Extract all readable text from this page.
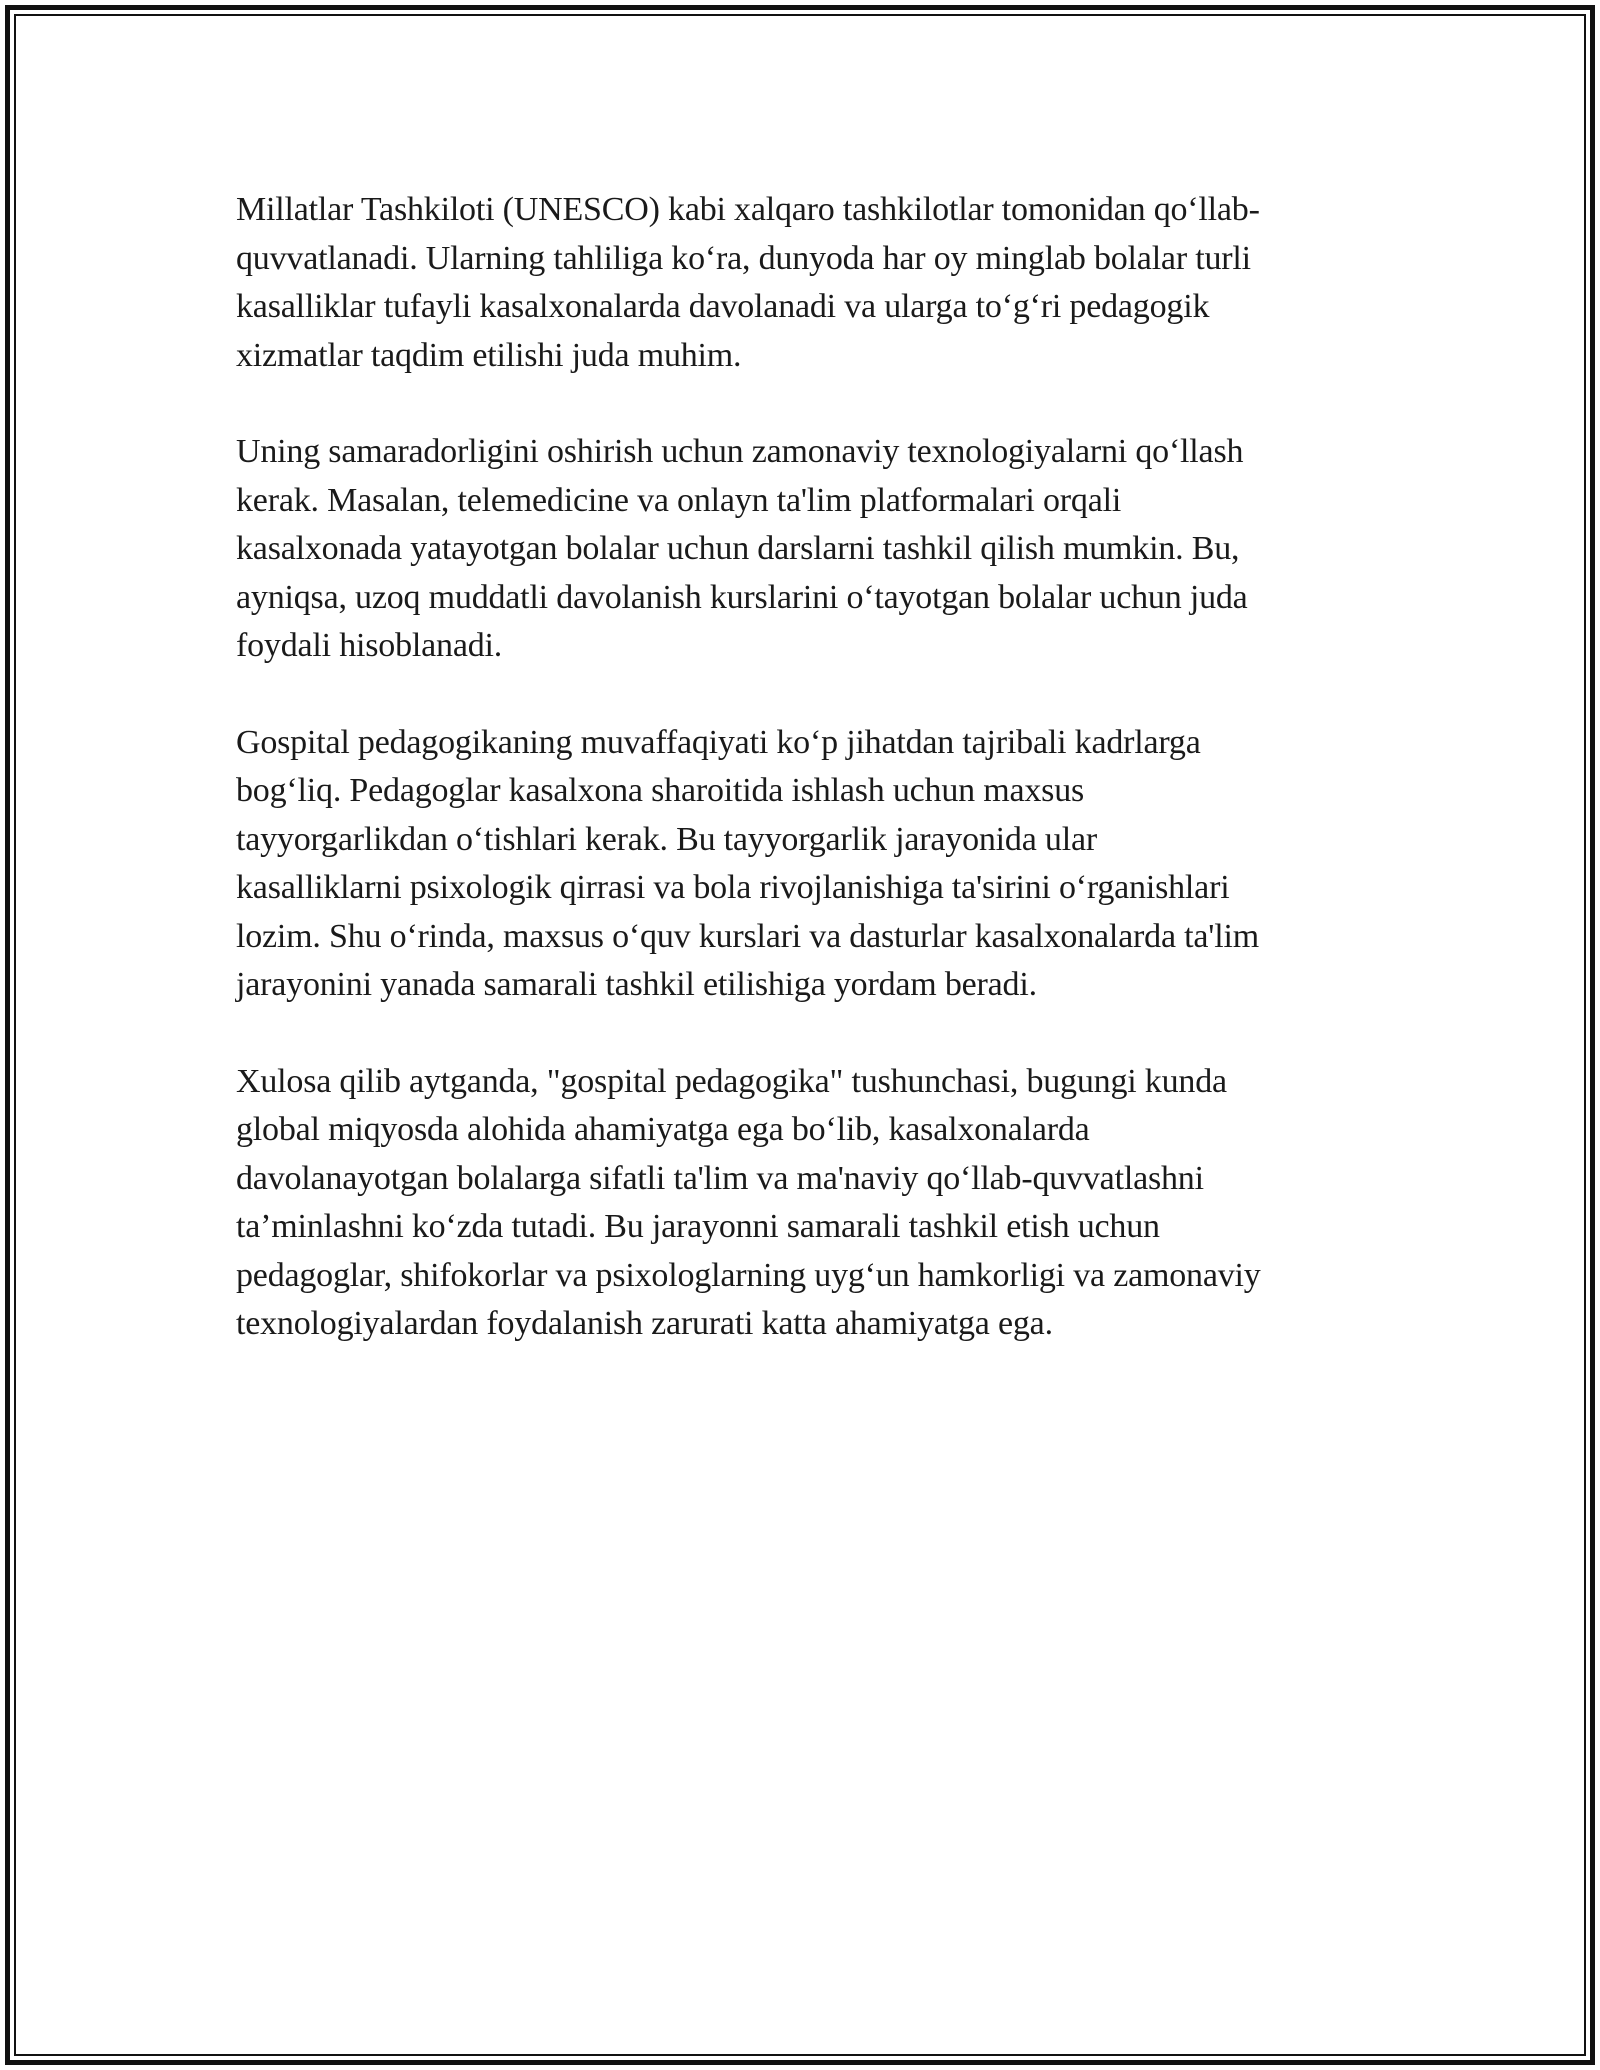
Millatlar Tashkiloti (UNESCO) kabi xalqaro tashkilotlar tomonidan qo‘llab-
quvvatlanadi. Ularning tahliliga ko‘ra, dunyoda har oy minglab bolalar turli
kasalliklar tufayli kasalxonalarda davolanadi va ularga to‘g‘ri pedagogik
xizmatlar taqdim etilishi juda muhim.

Uning samaradorligini oshirish uchun zamonaviy texnologiyalarni qo‘llash
kerak. Masalan, telemedicine va onlayn ta'lim platformalari orqali
kasalxonada yatayotgan bolalar uchun darslarni tashkil qilish mumkin. Bu,
ayniqsa, uzoq muddatli davolanish kurslarini o‘tayotgan bolalar uchun juda
foydali hisoblanadi.

Gospital pedagogikaning muvaffaqiyati ko‘p jihatdan tajribali kadrlarga
bog‘liq. Pedagoglar kasalxona sharoitida ishlash uchun maxsus
tayyorgarlikdan o‘tishlari kerak. Bu tayyorgarlik jarayonida ular
kasalliklarni psixologik qirrasi va bola rivojlanishiga ta'sirini o‘rganishlari
lozim. Shu o‘rinda, maxsus o‘quv kurslari va dasturlar kasalxonalarda ta'lim
jarayonini yanada samarali tashkil etilishiga yordam beradi.

Xulosa qilib aytganda, "gospital pedagogika" tushunchasi, bugungi kunda
global miqyosda alohida ahamiyatga ega bo‘lib, kasalxonalarda
davolanayotgan bolalarga sifatli ta'lim va ma'naviy qo‘llab-quvvatlashni
ta’minlashni ko‘zda tutadi. Bu jarayonni samarali tashkil etish uchun
pedagoglar, shifokorlar va psixologlarning uyg‘un hamkorligi va zamonaviy
texnologiyalardan foydalanish zarurati katta ahamiyatga ega.
